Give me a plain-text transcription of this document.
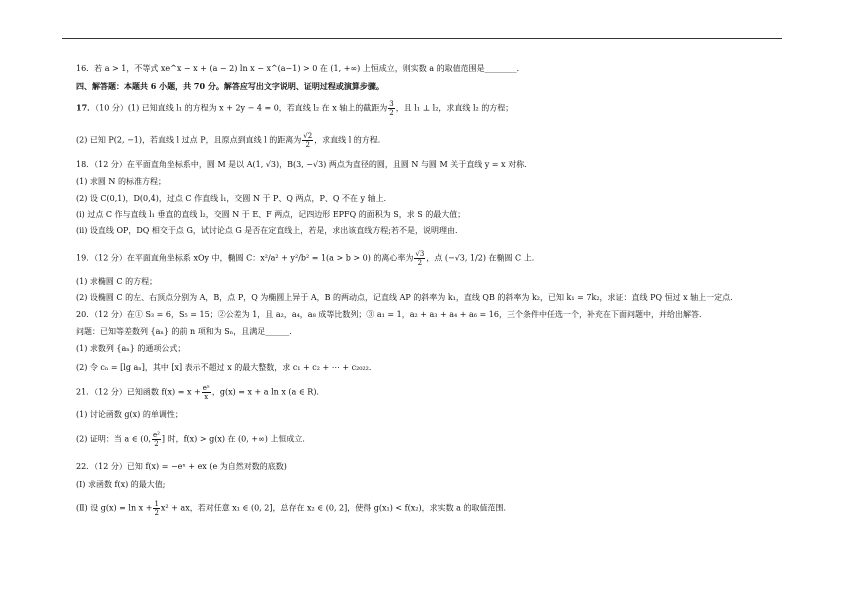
16．若 a > 1，不等式 xe^x − x + (a − 2) ln x − x^(a−1) > 0 在 (1, +∞) 上恒成立，则实数 a 的取值范围是________．
四、解答题：本题共 6 小题，共 70 分。解答应写出文字说明、证明过程或演算步骤。
17．（10 分）(1) 已知直线 l₁ 的方程为 x + 2y − 4 = 0，若直线 l₂ 在 x 轴上的截距为 $\frac{3}{2}$ ，且 l₁ ⊥ l₂，求直线 l₂ 的方程；
(2) 已知 P(2, −1)，若直线 l 过点 P，且原点到直线 l 的距离为 $\frac{√2}{2}$ ，求直线 l 的方程．
18．（12 分）在平面直角坐标系中，圆 M 是以 A(1, √3)，B(3, −√3) 两点为直径的圆，且圆 N 与圆 M 关于直线 y = x 对称．
(1) 求圆 N 的标准方程；
(2) 设 C(0,1)，D(0,4)，过点 C 作直线 l₁，交圆 N 于 P、Q 两点，P、Q 不在 y 轴上．
(i) 过点 C 作与直线 l₁ 垂直的直线 l₂，交圆 N 于 E、F 两点，记四边形 EPFQ 的面积为 S，求 S 的最大值；
(ii) 设直线 OP，DQ 相交于点 G，试讨论点 G 是否在定直线上，若是，求出该直线方程;若不是，说明理由．
19．（12 分）在平面直角坐标系 xOy 中，椭圆 C：x²/a² + y²/b² = 1(a > b > 0) 的离心率为 $\frac{√3}{2}$ ，点 (−√3, 1/2) 在椭圆 C 上．
(1) 求椭圆 C 的方程；
(2) 设椭圆 C 的左、右顶点分别为 A，B，点 P，Q 为椭圆上异于 A，B 的两动点，记直线 AP 的斜率为 k₁，直线 QB 的斜率为 k₂，已知 k₁ = 7k₂，求证：直线 PQ 恒过 x 轴上一定点．
20．（12 分）在① S₃ = 6，S₅ = 15；②公差为 1，且 a₂，a₄，a₈ 成等比数列；③ a₁ = 1，a₂ + a₃ + a₄ + a₆ = 16，三个条件中任选一个，补充在下面问题中，并给出解答．
问题：已知等差数列 {aₙ} 的前 n 项和为 Sₙ，且满足______．
(1) 求数列 {aₙ} 的通项公式；
(2) 令 cₙ = [lg aₙ]，其中 [x] 表示不超过 x 的最大整数，求 c₁ + c₂ + ⋯ + c₂₀₂₂．
21．（12 分）已知函数 $f(x) = x + \frac{\text{eˣ}}{x}$ ，g(x) = x + a ln x (a ∈ R)．
(1) 讨论函数 g(x) 的单调性；
(2) 证明：当 a ∈ (0, $\frac{\text{e²}}{2}$ ] 时，f(x) > g(x) 在 (0, +∞) 上恒成立．
22．（12 分）已知 f(x) = −eˣ + ex (e 为自然对数的底数)
(Ⅰ) 求函数 f(x) 的最大值;
(Ⅱ) 设 $g(x) = \ln x + \frac{1}{2} x^2$ + ax，若对任意 x₁ ∈ (0, 2]，总存在 x₂ ∈ (0, 2]，使得 g(x₁) < f(x₂)，求实数 a 的取值范围．
